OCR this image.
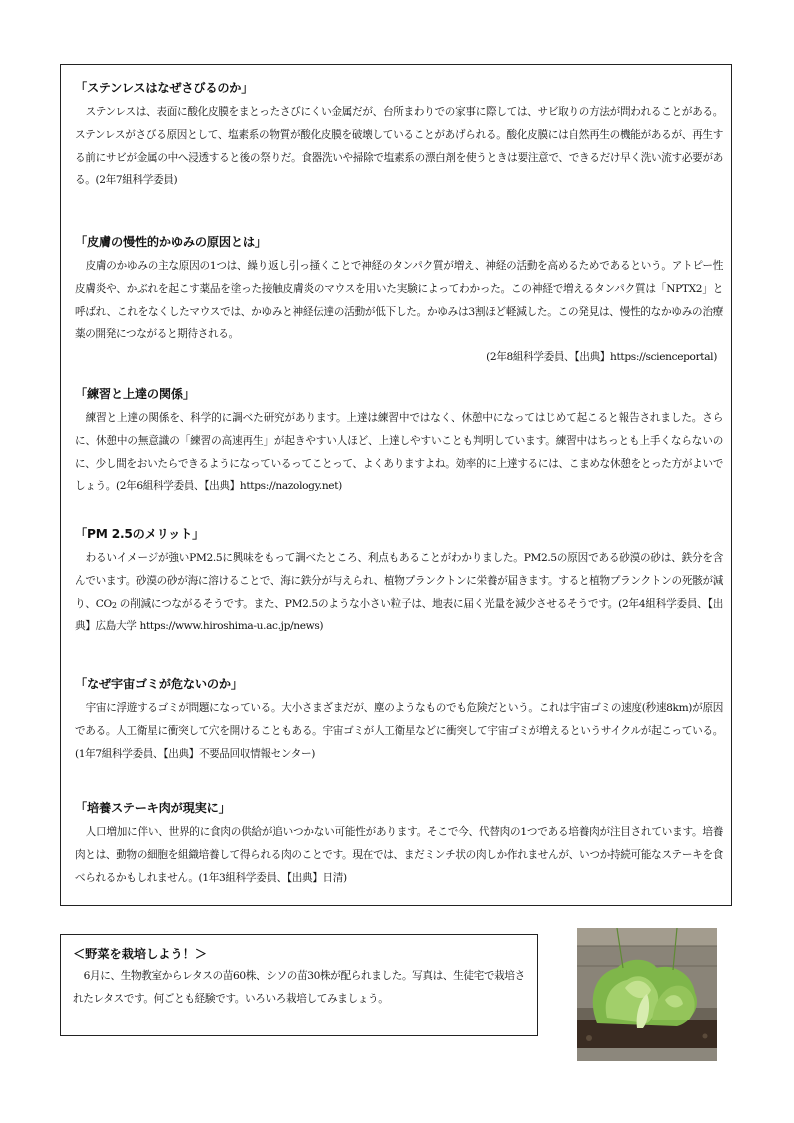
「ステンレスはなぜさびるのか」

ステンレスは、表面に酸化皮膜をまとったさびにくい金属だが、台所まわりでの家事に際しては、サビ取りの方法が問われることがある。ステンレスがさびる原因として、塩素系の物質が酸化皮膜を破壊していることがあげられる。酸化皮膜には自然再生の機能があるが、再生する前にサビが金属の中へ浸透すると後の祭りだ。食器洗いや掃除で塩素系の漂白剤を使うときは要注意で、できるだけ早く洗い流す必要がある。(2年7組科学委員)

「皮膚の慢性的かゆみの原因とは」

皮膚のかゆみの主な原因の1つは、繰り返し引っ掻くことで神経のタンパク質が増え、神経の活動を高めるためであるという。アトピー性皮膚炎や、かぶれを起こす薬品を塗った接触皮膚炎のマウスを用いた実験によってわかった。この神経で増えるタンパク質は「NPTX2」と呼ばれ、これをなくしたマウスでは、かゆみと神経伝達の活動が低下した。かゆみは3割ほど軽減した。この発見は、慢性的なかゆみの治療薬の開発につながると期待される。

(2年8組科学委員、【出典】https://scienceportal)

「練習と上達の関係」

練習と上達の関係を、科学的に調べた研究があります。上達は練習中ではなく、休憩中になってはじめて起こると報告されました。さらに、休憩中の無意識の「練習の高速再生」が起きやすい人ほど、上達しやすいことも判明しています。練習中はちっとも上手くならないのに、少し間をおいたらできるようになっているってことって、よくありますよね。効率的に上達するには、こまめな休憩をとった方がよいでしょう。(2年6組科学委員、【出典】https://nazology.net)

「PM 2.5のメリット」

わるいイメージが強いPM2.5に興味をもって調べたところ、利点もあることがわかりました。PM2.5の原因である砂漠の砂は、鉄分を含んでいます。砂漠の砂が海に溶けることで、海に鉄分が与えられ、植物プランクトンに栄養が届きます。すると植物プランクトンの死骸が減り、$CO_2$ の削減につながるそうです。また、PM2.5のような小さい粒子は、地表に届く光量を減少させるそうです。(2年4組科学委員、【出典】広島大学 https://www.hiroshima-u.ac.jp/news)

「なぜ宇宙ゴミが危ないのか」

宇宙に浮遊するゴミが問題になっている。大小さまざまだが、塵のようなものでも危険だという。これは宇宙ゴミの速度(秒速8km)が原因である。人工衛星に衝突して穴を開けることもある。宇宙ゴミが人工衛星などに衝突して宇宙ゴミが増えるというサイクルが起こっている。(1年7組科学委員、【出典】不要品回収情報センター)

「培養ステーキ肉が現実に」

人口増加に伴い、世界的に食肉の供給が追いつかない可能性があります。そこで今、代替肉の1つである培養肉が注目されています。培養肉とは、動物の細胞を組織培養して得られる肉のことです。現在では、まだミンチ状の肉しか作れませんが、いつか持続可能なステーキを食べられるかもしれません。(1年3組科学委員、【出典】日清)

＜野菜を栽培しよう！＞

6月に、生物教室からレタスの苗60株、シソの苗30株が配られました。写真は、生徒宅で栽培されたレタスです。何ごとも経験です。いろいろ栽培してみましょう。
